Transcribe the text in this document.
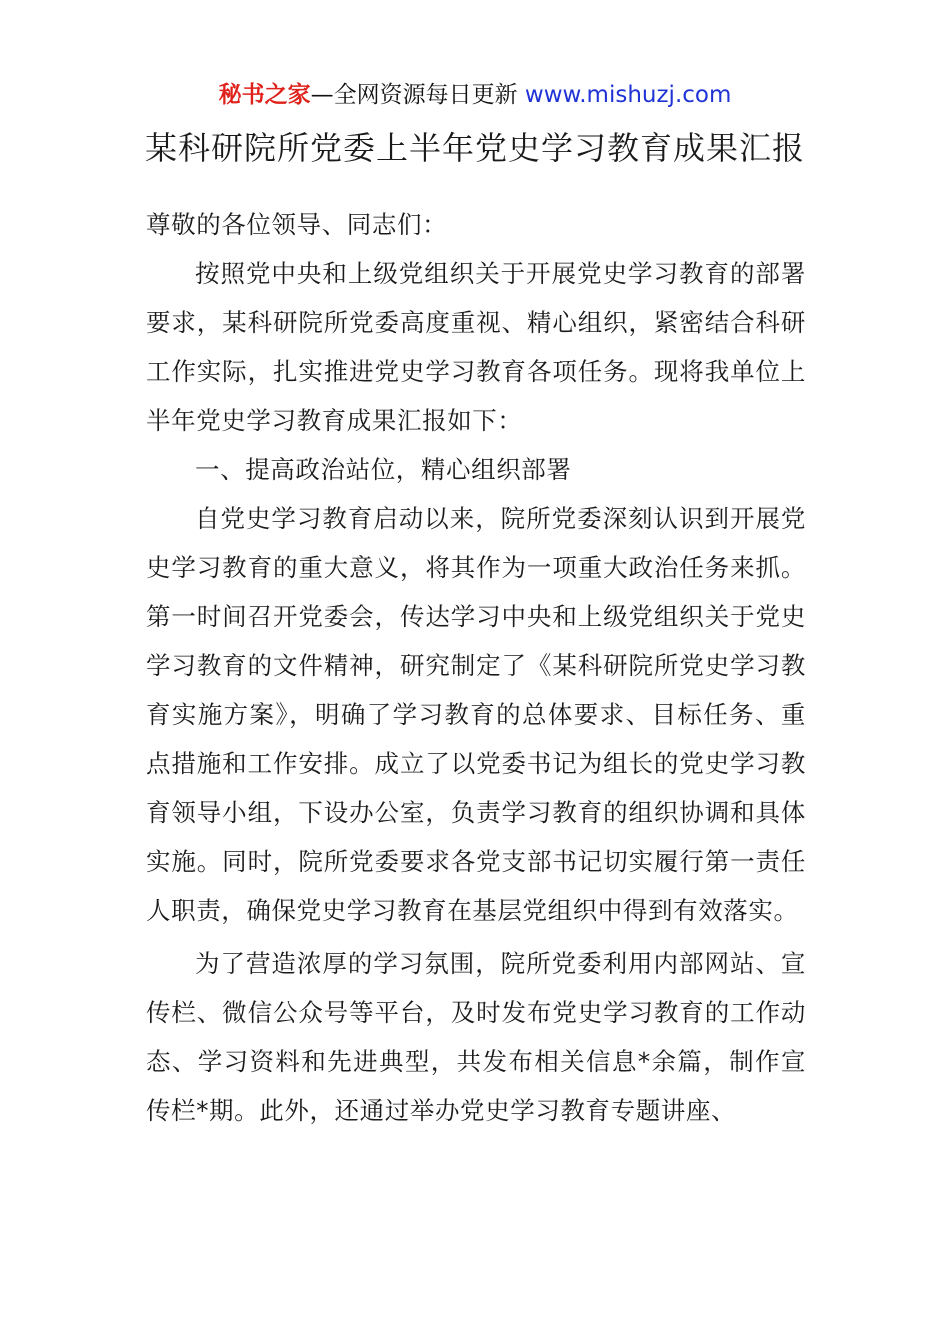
秘书之家—全网资源每日更新 www.mishuzj.com
某科研院所党委上半年党史学习教育成果汇报

尊敬的各位领导、同志们：

按照党中央和上级党组织关于开展党史学习教育的部署要求，某科研院所党委高度重视、精心组织，紧密结合科研工作实际，扎实推进党史学习教育各项任务。现将我单位上半年党史学习教育成果汇报如下：

一、提高政治站位，精心组织部署

自党史学习教育启动以来，院所党委深刻认识到开展党史学习教育的重大意义，将其作为一项重大政治任务来抓。第一时间召开党委会，传达学习中央和上级党组织关于党史学习教育的文件精神，研究制定了《某科研院所党史学习教育实施方案》，明确了学习教育的总体要求、目标任务、重点措施和工作安排。成立了以党委书记为组长的党史学习教育领导小组，下设办公室，负责学习教育的组织协调和具体实施。同时，院所党委要求各党支部书记切实履行第一责任人职责，确保党史学习教育在基层党组织中得到有效落实。

为了营造浓厚的学习氛围，院所党委利用内部网站、宣传栏、微信公众号等平台，及时发布党史学习教育的工作动态、学习资料和先进典型，共发布相关信息*余篇，制作宣传栏*期。此外，还通过举办党史学习教育专题讲座、
